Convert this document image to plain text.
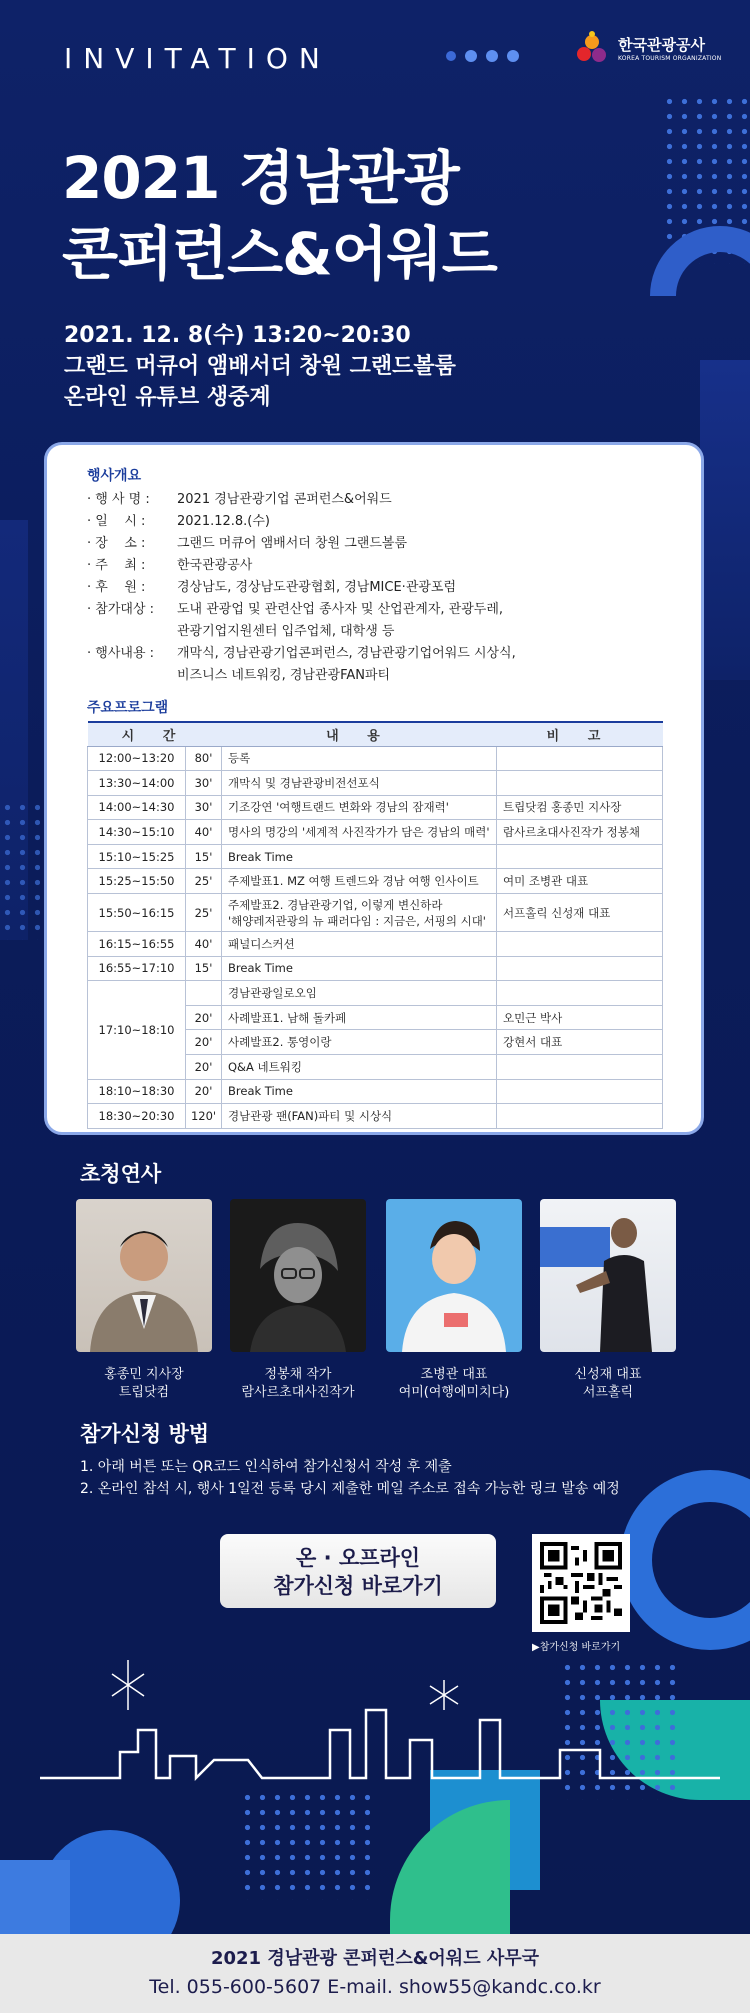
INVITATION	한국관광공사
KOREA TOURISM ORGANIZATION
2021 경남관광
콘퍼런스&어워드
2021. 12. 8(수) 13:20~20:30
그랜드 머큐어 앰배서더 창원 그랜드볼룸
온라인 유튜브 생중계
행사개요
· 행 사 명 :	2021 경남관광기업 콘퍼런스&어워드
· 일    시 :	2021.12.8.(수)
· 장    소 :	그랜드 머큐어 앰배서더 창원 그랜드볼룸
· 주    최 :	한국관광공사
· 후    원 :	경상남도, 경상남도관광협회, 경남MICE·관광포럼
· 참가대상 :	도내 관광업 및 관련산업 종사자 및 산업관계자, 관광두레,
관광기업지원센터 입주업체, 대학생 등
· 행사내용 :	개막식, 경남관광기업콘퍼런스, 경남관광기업어워드 시상식,
비즈니스 네트워킹, 경남관광FAN파티
주요프로그램
시 간		내 용	비 고
12:00~13:20	80'	등록	

13:30~14:00	30'	개막식 및 경남관광비전선포식	

14:00~14:30	30'	기조강연 '여행트랜드 변화와 경남의 잠재력'	트립닷컴 홍종민 지사장
14:30~15:10	40'	명사의 명강의 '세계적 사진작가가 담은 경남의 매력'	람사르초대사진작가 정봉채
15:10~15:25	15'	Break Time	

15:25~15:50	25'	주제발표1. MZ 여행 트렌드와 경남 여행 인사이트	여미 조병관 대표
15:50~16:15	25'	주제발표2. 경남관광기업, 이렇게 변신하라
'해양레저관광의 뉴 패러다임 : 지금은, 서핑의 시대'	서프홀릭 신성재 대표
16:15~16:55	40'	패널디스커션	

16:55~17:10	15'	Break Time	

17:10~18:10		경남관광일로오임	
	20'	사례발표1. 남해 돌카페	오민근 박사
	20'	사례발표2. 통영이랑	강현서 대표
	20'	Q&A 네트워킹	
18:10~18:30	20'	Break Time	
18:30~20:30	120'	경남관광 팬(FAN)파티 및 시상식	
초청연사
홍종민 지사장
트립닷컴
정봉채 작가
람사르초대사진작가
조병관 대표
여미(여행에미치다)
신성재 대표
서프홀릭
참가신청 방법
1. 아래 버튼 또는 QR코드 인식하여 참가신청서 작성 후 제출
2. 온라인 참석 시, 행사 1일전 등록 당시 제출한 메일 주소로 접속 가능한 링크 발송 예정
온 · 오프라인
참가신청 바로가기
▶참가신청 바로가기
2021 경남관광 콘퍼런스&어워드 사무국
Tel. 055-600-5607 E-mail. show55@kandc.co.kr
